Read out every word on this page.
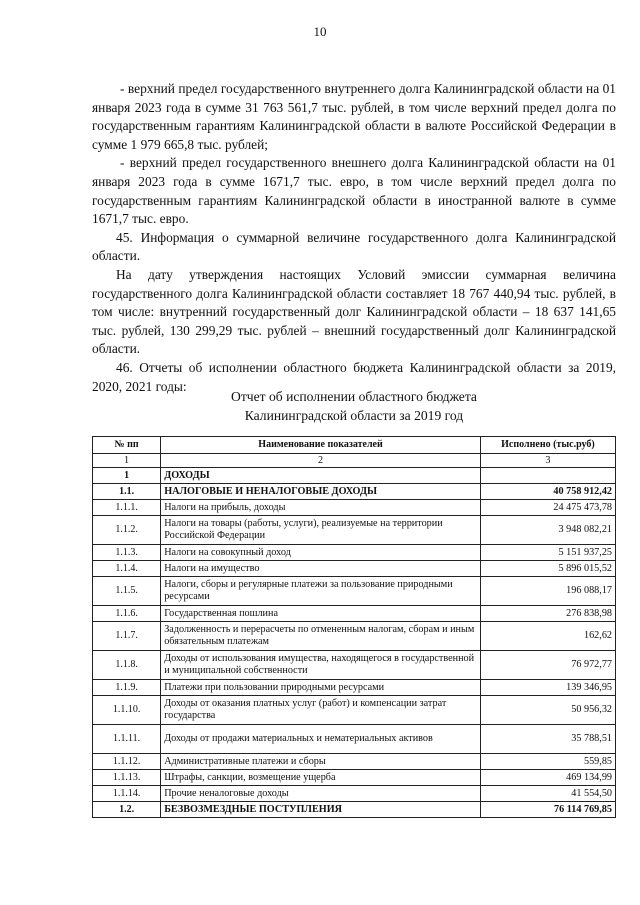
10

- верхний предел государственного внутреннего долга Калининградской области на 01 января 2023 года в сумме 31 763 561,7 тыс. рублей, в том числе верхний предел долга по государственным гарантиям Калининградской области в валюте Российской Федерации в сумме 1 979 665,8 тыс. рублей;

- верхний предел государственного внешнего долга Калининградской области на 01 января 2023 года в сумме 1671,7 тыс. евро, в том числе верхний предел долга по государственным гарантиям Калининградской области в иностранной валюте в сумме 1671,7 тыс. евро.

45. Информация о суммарной величине государственного долга Калининградской области.

На дату утверждения настоящих Условий эмиссии суммарная величина государственного долга Калининградской области составляет 18 767 440,94 тыс. рублей, в том числе: внутренний государственный долг Калининградской области – 18 637 141,65 тыс. рублей, 130 299,29 тыс. рублей – внешний государственный долг Калининградской области.

46. Отчеты об исполнении областного бюджета Калининградской области за 2019, 2020, 2021 годы:

Отчет об исполнении областного бюджета
Калининградской области за 2019 год
№ пп	Наименование показателей	Исполнено (тыс.руб)
1	2	3
1	ДОХОДЫ	
1.1.	НАЛОГОВЫЕ И НЕНАЛОГОВЫЕ ДОХОДЫ	40 758 912,42
1.1.1.	Налоги на прибыль, доходы	24 475 473,78
1.1.2.	Налоги на товары (работы, услуги), реализуемые на территории Российской Федерации	3 948 082,21
1.1.3.	Налоги на совокупный доход	5 151 937,25
1.1.4.	Налоги на имущество	5 896 015,52
1.1.5.	Налоги, сборы и регулярные платежи за пользование природными ресурсами	196 088,17
1.1.6.	Государственная пошлина	276 838,98
1.1.7.	Задолженность и перерасчеты по отмененным налогам, сборам и иным обязательным платежам	162,62
1.1.8.	Доходы от использования имущества, находящегося в государственной и муниципальной собственности	76 972,77
1.1.9.	Платежи при пользовании природными ресурсами	139 346,95
1.1.10.	Доходы от оказания платных услуг (работ) и компенсации затрат государства	50 956,32
1.1.11.	Доходы от продажи материальных и нематериальных активов	35 788,51
1.1.12.	Административные платежи и сборы	559,85
1.1.13.	Штрафы, санкции, возмещение ущерба	469 134,99
1.1.14.	Прочие неналоговые доходы	41 554,50
1.2.	БЕЗВОЗМЕЗДНЫЕ ПОСТУПЛЕНИЯ	76 114 769,85
